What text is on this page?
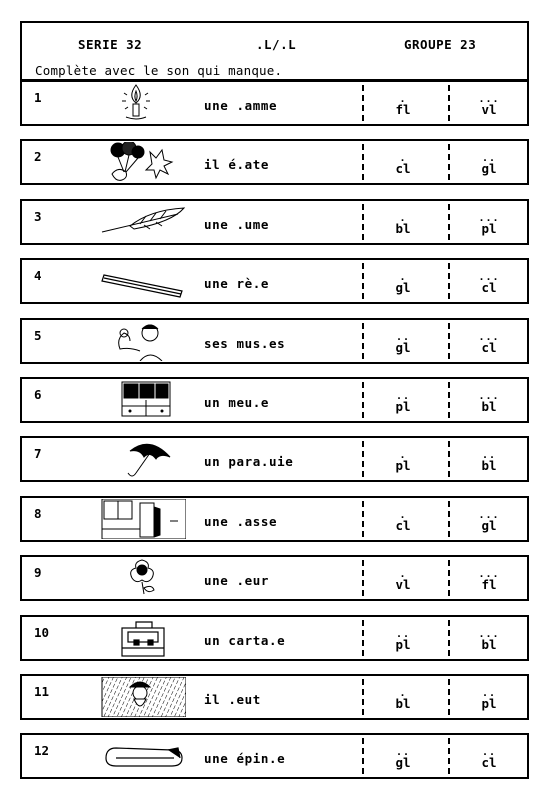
SERIE 32	.L/.L	GROUPE 23
Complète avec le son qui manque.
1
une .amme	.
fl
...
vl
2
il é.ate	.
cl
..
gl
3
une .ume	.
bl
...
pl
4
une rè.e	.
gl
...
cl
5
ses mus.es	..
gl
...
cl
6
un meu.e	..
pl
...
bl
7
un para.uie	.
pl
..
bl
8
une .asse	.
cl
...
gl
9
une .eur	.
vl
...
fl
10
un carta.e	..
pl
...
bl
11
il .eut	.
bl
..
pl
12
une épin.e	..
gl
..
cl
